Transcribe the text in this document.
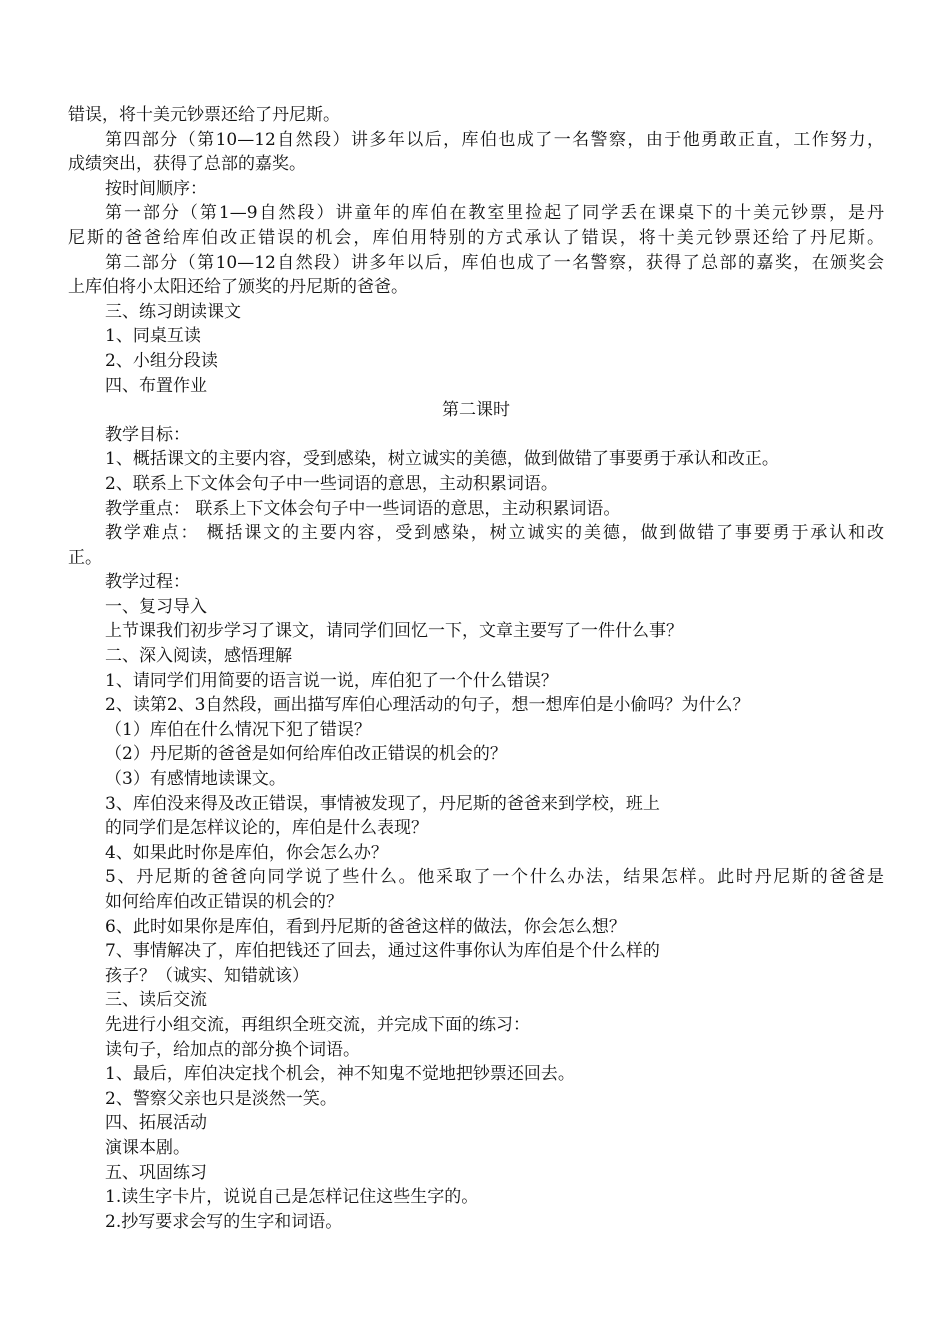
错误，将十美元钞票还给了丹尼斯。

第四部分（第10—12自然段）讲多年以后，库伯也成了一名警察，由于他勇敢正直，工作努力，

成绩突出，获得了总部的嘉奖。

按时间顺序：

第一部分（第1—9自然段）讲童年的库伯在教室里捡起了同学丢在课桌下的十美元钞票，是丹

尼斯的爸爸给库伯改正错误的机会，库伯用特别的方式承认了错误，将十美元钞票还给了丹尼斯。

第二部分（第10—12自然段）讲多年以后，库伯也成了一名警察，获得了总部的嘉奖，在颁奖会

上库伯将小太阳还给了颁奖的丹尼斯的爸爸。

三、练习朗读课文

1、同桌互读

2、小组分段读

四、布置作业

第二课时

教学目标：

1、概括课文的主要内容，受到感染，树立诚实的美德，做到做错了事要勇于承认和改正。

2、联系上下文体会句子中一些词语的意思，主动积累词语。

教学重点： 联系上下文体会句子中一些词语的意思，主动积累词语。

教学难点： 概括课文的主要内容，受到感染，树立诚实的美德，做到做错了事要勇于承认和改

正。

教学过程：

一、复习导入

上节课我们初步学习了课文，请同学们回忆一下，文章主要写了一件什么事？

二、深入阅读，感悟理解

1、请同学们用简要的语言说一说，库伯犯了一个什么错误？

2、读第2、3自然段，画出描写库伯心理活动的句子，想一想库伯是小偷吗？为什么？

（1）库伯在什么情况下犯了错误？

（2）丹尼斯的爸爸是如何给库伯改正错误的机会的？

（3）有感情地读课文。

3、库伯没来得及改正错误，事情被发现了，丹尼斯的爸爸来到学校，班上

的同学们是怎样议论的，库伯是什么表现？

4、如果此时你是库伯，你会怎么办？

5、丹尼斯的爸爸向同学说了些什么。他采取了一个什么办法，结果怎样。此时丹尼斯的爸爸是

如何给库伯改正错误的机会的？

6、此时如果你是库伯，看到丹尼斯的爸爸这样的做法，你会怎么想？

7、事情解决了，库伯把钱还了回去，通过这件事你认为库伯是个什么样的

孩子？（诚实、知错就该）

三、读后交流

先进行小组交流，再组织全班交流，并完成下面的练习：

读句子，给加点的部分换个词语。

1、最后，库伯决定找个机会，神不知鬼不觉地把钞票还回去。

2、警察父亲也只是淡然一笑。

四、拓展活动

演课本剧。

五、巩固练习

1.读生字卡片，说说自己是怎样记住这些生字的。

2.抄写要求会写的生字和词语。
